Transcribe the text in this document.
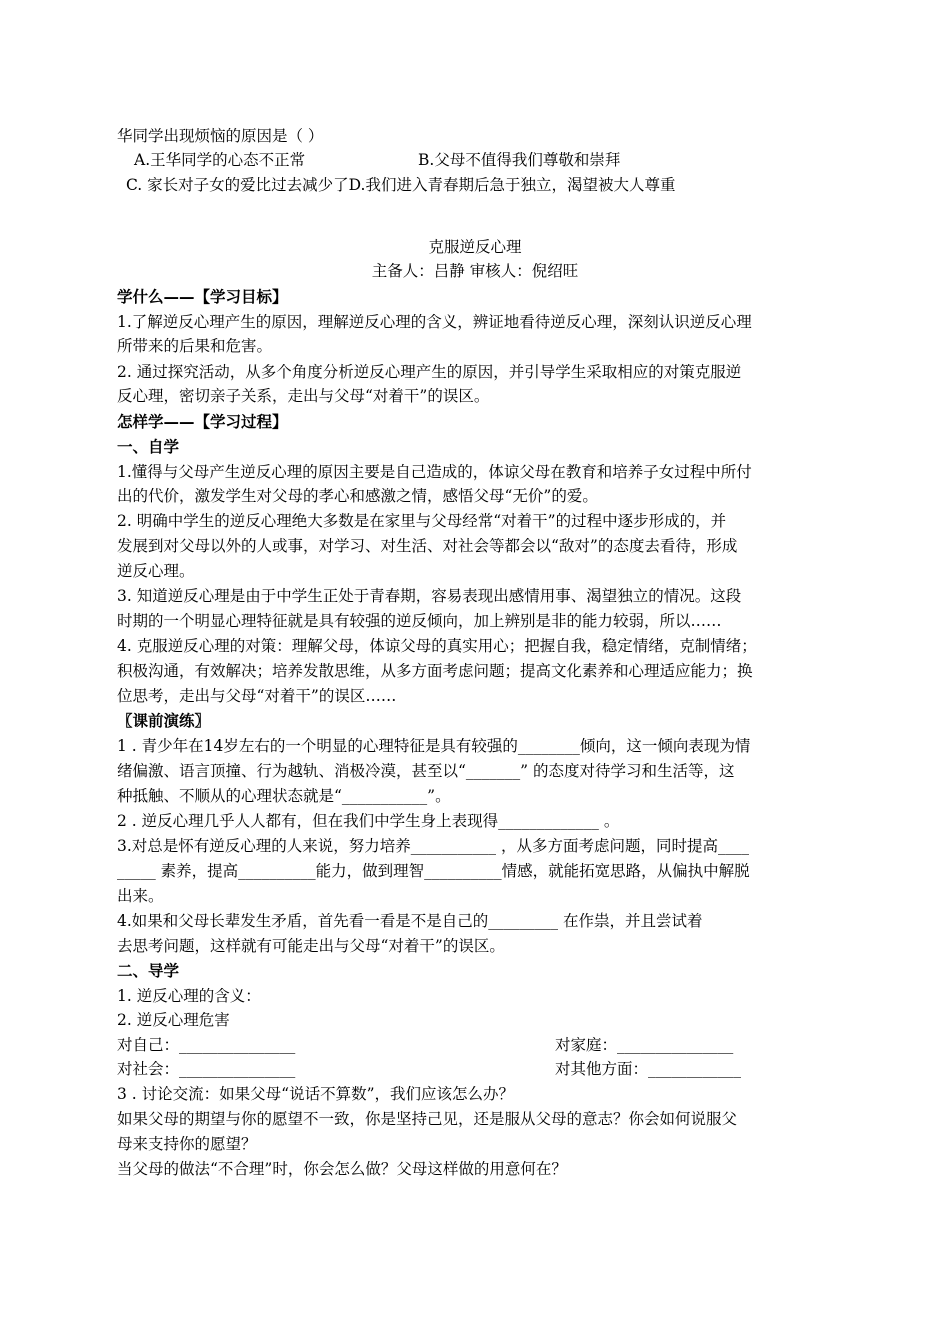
华同学出现烦恼的原因是（ ）
A.王华同学的心态不正常	B.父母不值得我们尊敬和崇拜
C. 家长对子女的爱比过去减少了D.我们进入青春期后急于独立，渴望被大人尊重
克服逆反心理
主备人：吕静 审核人：倪绍旺
学什么——【学习目标】
1.了解逆反心理产生的原因，理解逆反心理的含义，辨证地看待逆反心理，深刻认识逆反心理
所带来的后果和危害。
2. 通过探究活动，从多个角度分析逆反心理产生的原因，并引导学生采取相应的对策克服逆
反心理，密切亲子关系，走出与父母“对着干”的误区。
怎样学——【学习过程】
一、自学
1.懂得与父母产生逆反心理的原因主要是自己造成的，体谅父母在教育和培养子女过程中所付
出的代价，激发学生对父母的孝心和感激之情，感悟父母“无价”的爱。
2. 明确中学生的逆反心理绝大多数是在家里与父母经常“对着干”的过程中逐步形成的，并
发展到对父母以外的人或事，对学习、对生活、对社会等都会以“敌对”的态度去看待，形成
逆反心理。
3. 知道逆反心理是由于中学生正处于青春期，容易表现出感情用事、渴望独立的情况。这段
时期的一个明显心理特征就是具有较强的逆反倾向，加上辨别是非的能力较弱，所以……
4. 克服逆反心理的对策：理解父母，体谅父母的真实用心；把握自我，稳定情绪，克制情绪；
积极沟通，有效解决；培养发散思维，从多方面考虑问题；提高文化素养和心理适应能力；换
位思考，走出与父母“对着干”的误区……
〖课前演练〗
1 . 青少年在14岁左右的一个明显的心理特征是具有较强的________倾向，这一倾向表现为情
绪偏激、语言顶撞、行为越轨、消极冷漠，甚至以“_______” 的态度对待学习和生活等，这
种抵触、不顺从的心理状态就是“___________”。
2 . 逆反心理几乎人人都有，但在我们中学生身上表现得_____________ 。
3.对总是怀有逆反心理的人来说，努力培养___________ ，从多方面考虑问题，同时提高____
_____ 素养，提高__________能力，做到理智__________情感，就能拓宽思路，从偏执中解脱
出来。
4.如果和父母长辈发生矛盾，首先看一看是不是自己的_________ 在作祟，并且尝试着
去思考问题，这样就有可能走出与父母“对着干”的误区。
二、导学
1. 逆反心理的含义：
2. 逆反心理危害
对自己：_______________	对家庭：_______________
对社会：_______________	对其他方面：____________
3 . 讨论交流：如果父母“说话不算数”，我们应该怎么办？
如果父母的期望与你的愿望不一致，你是坚持己见，还是服从父母的意志？你会如何说服父
母来支持你的愿望？
当父母的做法“不合理”时，你会怎么做？父母这样做的用意何在？
